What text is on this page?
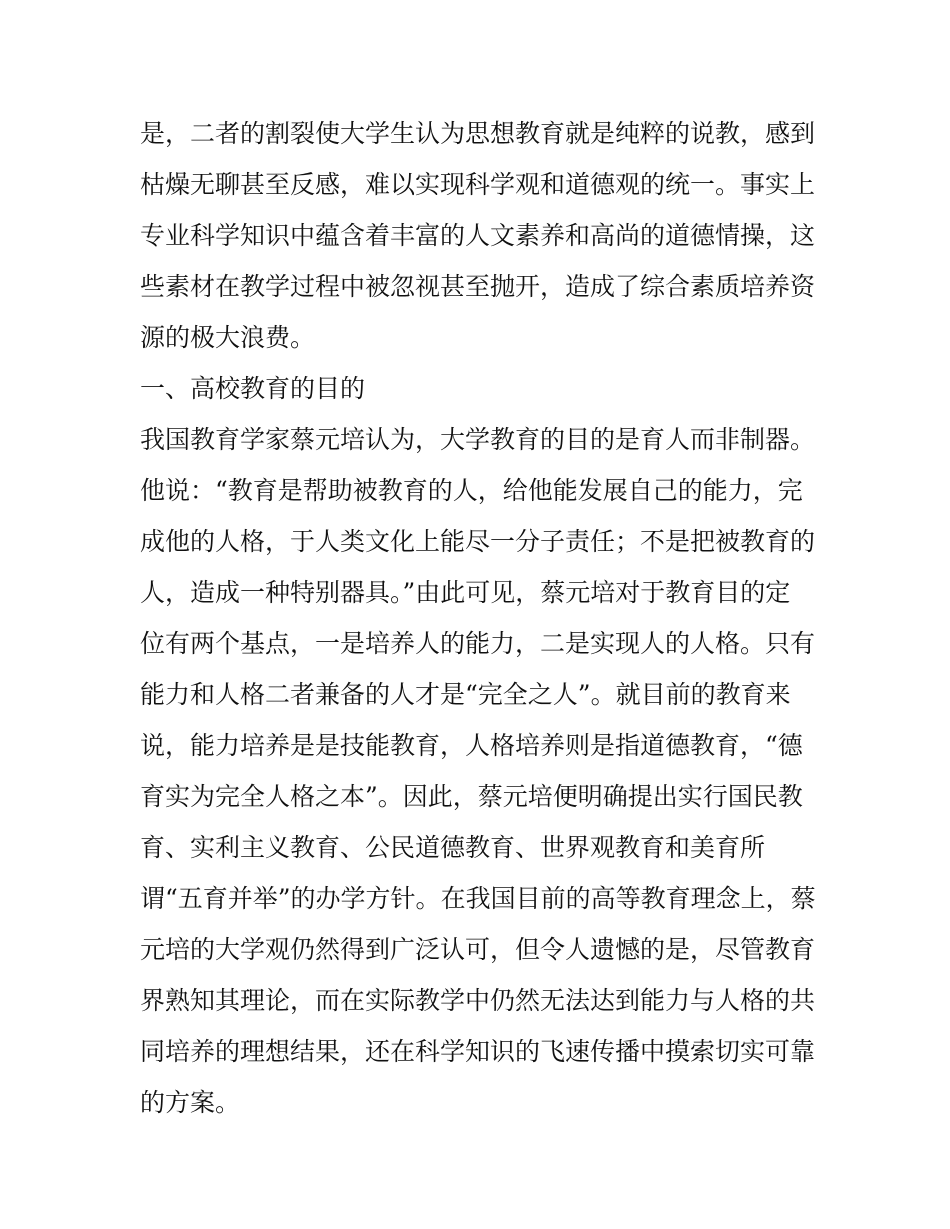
是，二者的割裂使大学生认为思想教育就是纯粹的说教，感到
枯燥无聊甚至反感，难以实现科学观和道德观的统一。事实上
专业科学知识中蕴含着丰富的人文素养和高尚的道德情操，这
些素材在教学过程中被忽视甚至抛开，造成了综合素质培养资
源的极大浪费。
一、高校教育的目的
我国教育学家蔡元培认为，大学教育的目的是育人而非制器。
他说：“教育是帮助被教育的人，给他能发展自己的能力，完
成他的人格，于人类文化上能尽一分子责任；不是把被教育的
人，造成一种特别器具。”由此可见，蔡元培对于教育目的定
位有两个基点，一是培养人的能力，二是实现人的人格。只有
能力和人格二者兼备的人才是“完全之人”。就目前的教育来
说，能力培养是是技能教育，人格培养则是指道德教育，“德
育实为完全人格之本”。因此，蔡元培便明确提出实行国民教
育、实利主义教育、公民道德教育、世界观教育和美育所
谓“五育并举”的办学方针。在我国目前的高等教育理念上，蔡
元培的大学观仍然得到广泛认可，但令人遗憾的是，尽管教育
界熟知其理论，而在实际教学中仍然无法达到能力与人格的共
同培养的理想结果，还在科学知识的飞速传播中摸索切实可靠
的方案。
